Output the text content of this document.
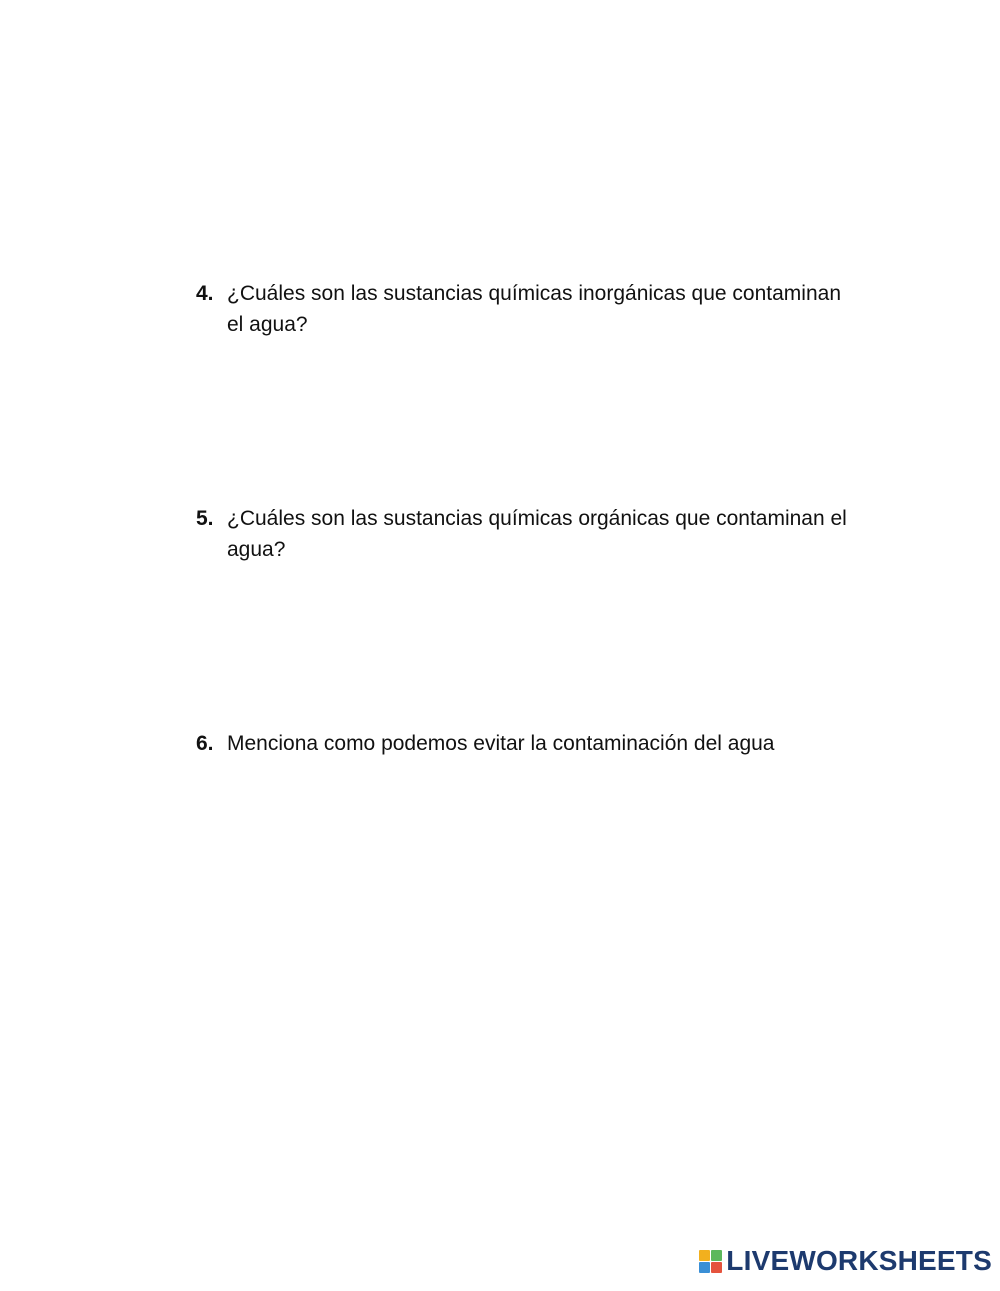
4. ¿Cuáles son las sustancias químicas inorgánicas que contaminan el agua?
5. ¿Cuáles son las sustancias químicas orgánicas que contaminan el agua?
6. Menciona como podemos evitar la contaminación del agua
LIVEWORKSHEETS
